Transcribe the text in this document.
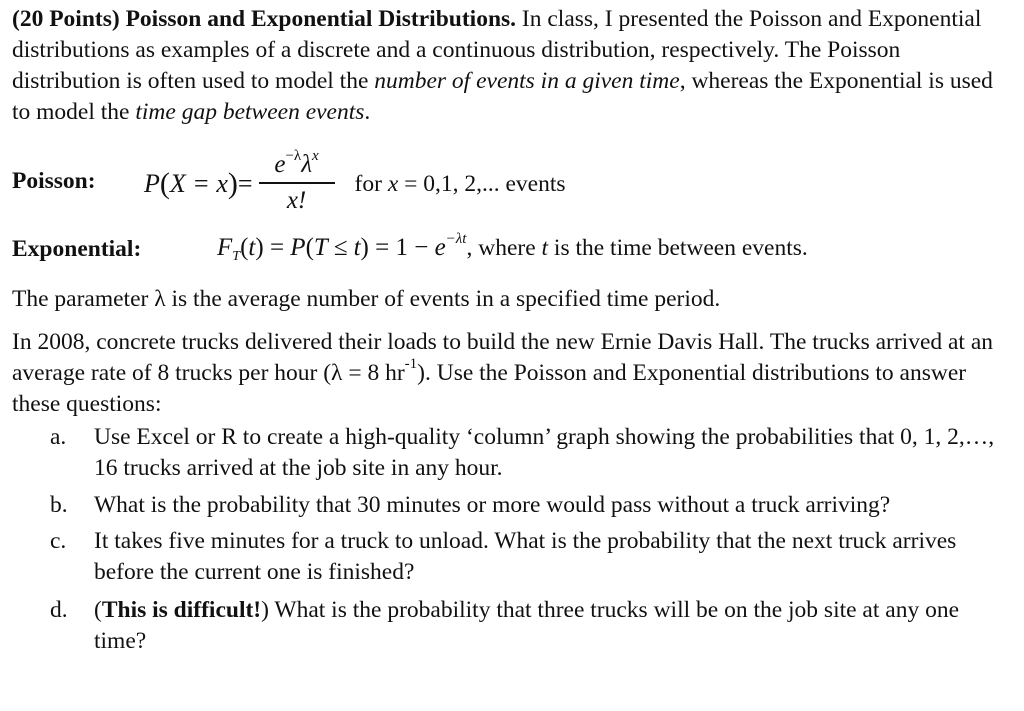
(20 Points) Poisson and Exponential Distributions. In class, I presented the Poisson and Exponential distributions as examples of a discrete and a continuous distribution, respectively. The Poisson distribution is often used to model the number of events in a given time, whereas the Exponential is used to model the time gap between events.

Poisson: P ( X = x ) = $\frac{e^{-\lambda}\lambda^x}{x!}$ for x = 0,1, 2,... events
Exponential:	$F_T(t) = P(T \le t) = 1 - e^{-\lambda t}$, where t is the time between events.

The parameter λ is the average number of events in a specified time period.

In 2008, concrete trucks delivered their loads to build the new Ernie Davis Hall. The trucks arrived at an average rate of 8 trucks per hour (λ = 8 $hr^{-1}$). Use the Poisson and Exponential distributions to answer these questions:

a. Use Excel or R to create a high-quality ‘column’ graph showing the probabilities that 0, 1, 2,…, 16 trucks arrived at the job site in any hour.
b. What is the probability that 30 minutes or more would pass without a truck arriving?
c. It takes five minutes for a truck to unload. What is the probability that the next truck arrives before the current one is finished?
d. (This is difficult!) What is the probability that three trucks will be on the job site at any one time?
